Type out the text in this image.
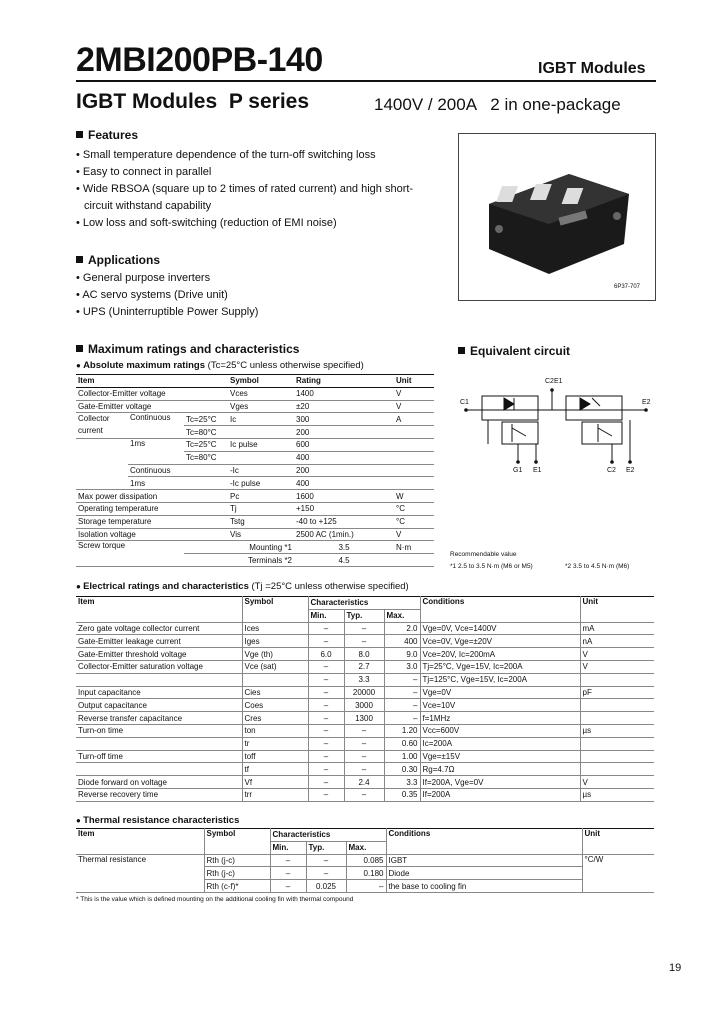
2MBI200PB-140	IGBT Modules
IGBT Modules  P series	1400V / 200A   2 in one-package
Features
• Small temperature dependence of the turn-off switching loss
• Easy to connect in parallel
• Wide RBSOA (square up to 2 times of rated current) and high short-circuit withstand capability
• Low loss and soft-switching (reduction of EMI noise)
Applications
• General purpose inverters
• AC servo systems (Drive unit)
• UPS (Uninterruptible Power Supply)
6P37-707
Maximum ratings and characteristics
● Absolute maximum ratings (Tc=25°C unless otherwise specified)
Item			Symbol	Rating	Unit
Collector-Emitter voltage			Vces	1400	V
Gate-Emitter voltage			Vges	±20	V
Collector current	Continuous	Tc=25°C	Ic	300	A
		Tc=80°C		200	
	1ms	Tc=25°C	Ic pulse	600	
		Tc=80°C		400	
	Continuous		-Ic	200	
	1ms		-Ic pulse	400	
Max power dissipation			Pc	1600	W
Operating temperature			Tj	+150	°C
Storage temperature			Tstg	-40 to +125	°C
Isolation voltage			Vis	2500 AC (1min.)	V
Screw torque		Mounting *1		3.5	N·m
		Terminals *2		4.5	
Equivalent circuit
C2E1
C1	E2
G1 E1	C2 E2
Recommendable value
*1 2.5 to 3.5 N·m (M6 or M5)	*2 3.5 to 4.5 N·m (M6)
● Electrical ratings and characteristics (Tj =25°C unless otherwise specified)
Item	Symbol	Characteristics			Conditions	Unit
		Min.	Typ.	Max.		
Zero gate voltage collector current	Ices	–	–	2.0	Vge=0V, Vce=1400V	mA
Gate-Emitter leakage current	Iges	–	–	400	Vce=0V, Vge=±20V	nA
Gate-Emitter threshold voltage	Vge (th)	6.0	8.0	9.0	Vce=20V, Ic=200mA	V
Collector-Emitter saturation voltage	Vce (sat)	–	2.7	3.0	Tj=25°C, Vge=15V, Ic=200A	V
		–	3.3	–	Tj=125°C, Vge=15V, Ic=200A	
Input capacitance	Cies	–	20000	–	Vge=0V	pF
Output capacitance	Coes	–	3000	–	Vce=10V	
Reverse transfer capacitance	Cres	–	1300	–	f=1MHz	
Turn-on time	ton	–	–	1.20	Vcc=600V	µs
	tr	–	–	0.60	Ic=200A	
Turn-off time	toff	–	–	1.00	Vge=±15V	
	tf	–	–	0.30	Rg=4.7Ω	
Diode forward on voltage	Vf	–	2.4	3.3	If=200A, Vge=0V	V
Reverse recovery time	trr	–	–	0.35	If=200A	µs
● Thermal resistance characteristics
Item	Symbol	Characteristics			Conditions	Unit
		Min.	Typ.	Max.		
Thermal resistance	Rth (j-c)	–	–	0.085	IGBT	°C/W
	Rth (j-c)	–	–	0.180	Diode	
	Rth (c-f)*	–	0.025	–	the base to cooling fin	
* This is the value which is defined mounting on the additional cooling fin with thermal compound
19
